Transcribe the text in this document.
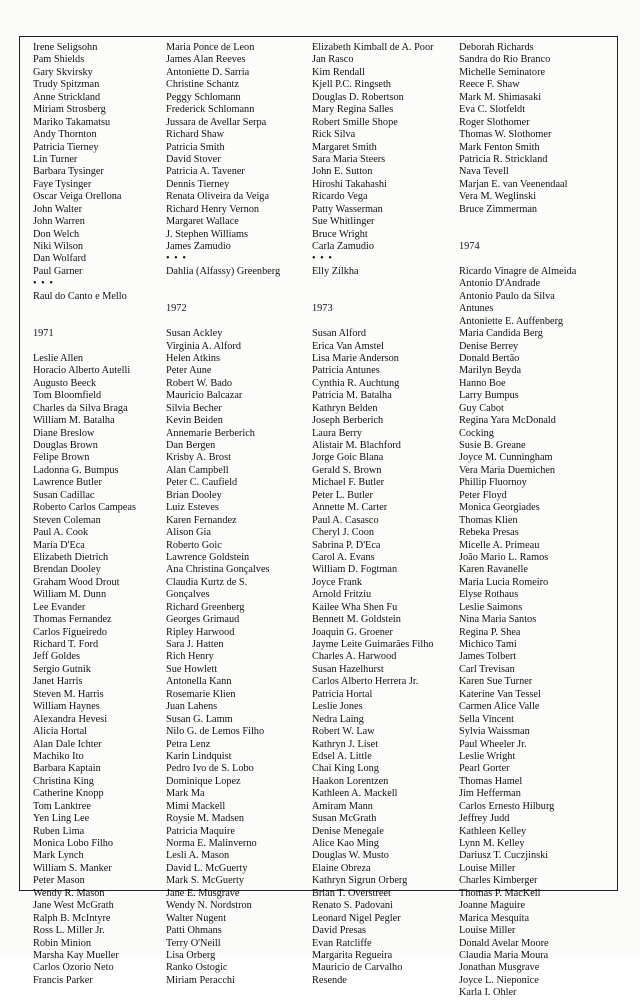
Irene Seligsohn
Pam Shields
Gary Skvirsky
Trudy Spitzman
Anne Strickland
Miriam Strosberg
Mariko Takamatsu
Andy Thornton
Patricia Tierney
Lin Turner
Barbara Tysinger
Faye Tysinger
Oscar Veiga Orellona
John Walter
John Warren
Don Welch
Niki Wilson
Dan Wolfard
Paul Garner
• • •
Raul do Canto e Mello
1971
Leslie Allen
Horacio Alberto Autelli
Augusto Beeck
Tom Bloomfield
Charles da Silva Braga
William M. Batalha
Diane Breslow
Douglas Brown
Felipe Brown
Ladonna G. Bumpus
Lawrence Butler
Susan Cadillac
Roberto Carlos Campeas
Steven Coleman
Paul A. Cook
Maria D'Eca
Elizabeth Dietrich
Brendan Dooley
Graham Wood Drout
William M. Dunn
Lee Evander
Thomas Fernandez
Carlos Figueiredo
Richard T. Ford
Jeff Goldes
Sergio Gutnik
Janet Harris
Steven M. Harris
William Haynes
Alexandra Hevesi
Alicia Hortal
Alan Dale Ichter
Machiko Ito
Barbara Kaptain
Christina King
Catherine Knopp
Tom Lanktree
Yen Ling Lee
Ruben Lima
Monica Lobo Filho
Mark Lynch
William S. Manker
Peter Mason
Wendy R. Mason
Jane West McGrath
Ralph B. McIntyre
Ross L. Miller Jr.
Robin Minion
Marsha Kay Mueller
Carlos Ozorio Neto
Francis Parker
Maria Ponce de Leon
James Alan Reeves
Antoniette D. Sarria
Christine Schantz
Peggy Schlomann
Frederick Schlomann
Jussara de Avellar Serpa
Richard Shaw
Patricia Smith
David Stover
Patricia A. Tavener
Dennis Tierney
Renata Oliveira da Veiga
Richard Henry Vernon
Margaret Wallace
J. Stephen Williams
James Zamudio
• • •
Dahlia (Alfassy) Greenberg
1972
Susan Ackley
Virginia A. Alford
Helen Atkins
Peter Aune
Robert W. Bado
Mauricio Balcazar
Silvia Becher
Kevin Beiden
Annemarie Berberich
Dan Bergen
Krisby A. Brost
Alan Campbell
Peter C. Caufield
Brian Dooley
Luiz Esteves
Karen Fernandez
Alison Gia
Roberto Goic
Lawrence Goldstein
Ana Christina Gonçalves
Claudia Kurtz de S.
Gonçalves
Richard Greenberg
Georges Grimaud
Ripley Harwood
Sara J. Hatten
Rich Henry
Sue Howlett
Antonella Kann
Rosemarie Klien
Juan Lahens
Susan G. Lamm
Nilo G. de Lemos Filho
Petra Lenz
Karin Lindquist
Pedro Ivo de S. Lobo
Dominique Lopez
Mark Ma
Mimi Mackell
Roysie M. Madsen
Patricia Maquire
Norma E. Malinverno
Lesli A. Mason
David L. McGuerty
Mark S. McGuerty
Jane E. Musgrave
Wendy N. Nordstron
Walter Nugent
Patti Ohmans
Terry O'Neill
Lisa Orberg
Ranko Ostogic
Miriam Peracchi
Elizabeth Kimball de A. Poor
Jan Rasco
Kim Rendall
Kjell P.C. Ringseth
Douglas D. Robertson
Mary Regina Salles
Robert Smille Shope
Rick Silva
Margaret Smith
Sara Maria Steers
John E. Sutton
Hiroshi Takahashi
Ricardo Vega
Patty Wasserman
Sue Whitlinger
Bruce Wright
Carla Zamudio
• • •
Elly Zilkha
1973
Susan Alford
Erica Van Amstel
Lisa Marie Anderson
Patricia Antunes
Cynthia R. Auchtung
Patricia M. Batalha
Kathryn Belden
Joseph Berberich
Laura Berry
Alistair M. Blachford
Jorge Goic Blana
Gerald S. Brown
Michael F. Butler
Peter L. Butler
Annette M. Carter
Paul A. Casasco
Cheryl J. Coon
Sabrina P. D'Eca
Carol A. Evans
William D. Fogtman
Joyce Frank
Arnold Fritziu
Kailee Wha Shen Fu
Bennett M. Goldstein
Joaquin G. Groener
Jayme Leite Guimarães Filho
Charles A. Harwood
Susan Hazelhurst
Carlos Alberto Herrera Jr.
Patricia Hortal
Leslie Jones
Nedra Laing
Robert W. Law
Kathryn J. Liset
Edsel A. Little
Chai King Long
Haakon Lorentzen
Kathleen A. Mackell
Amiram Mann
Susan McGrath
Denise Menegale
Alice Kao Ming
Douglas W. Musto
Elaine Obreza
Kathryn Sigrun Orberg
Brian T. Overstreet
Renato S. Padovani
Leonard Nigel Pegler
David Presas
Evan Ratcliffe
Margarita Regueira
Mauricio de Carvalho
Resende
Deborah Richards
Sandra do Rio Branco
Michelle Seminatore
Reece F. Shaw
Mark M. Shimasaki
Eva C. Slotfeldt
Roger Slothomer
Thomas W. Slothomer
Mark Fenton Smith
Patricia R. Strickland
Nava Tevell
Marjan E. van Veenendaal
Vera M. Weglinski
Bruce Zimmerman
1974
Ricardo Vinagre de Almeida
Antonio D'Andrade
Antonio Paulo da Silva
Antunes
Antoniette E. Auffenberg
Maria Candida Berg
Denise Berrey
Donald Bertão
Marilyn Beyda
Hanno Boe
Larry Bumpus
Guy Cabot
Regina Yara McDonald
Cocking
Susie B. Greane
Joyce M. Cunningham
Vera Maria Duemichen
Phillip Fluornoy
Peter Floyd
Monica Georgiades
Thomas Klien
Rebeka Presas
Micelle A. Primeau
João Mario L. Ramos
Karen Ravanelle
Maria Lucia Romeiro
Elyse Rothaus
Leslie Saimons
Nina Maria Santos
Regina P. Shea
Michico Tami
James Tolbert
Carl Trevisan
Karen Sue Turner
Katerine Van Tessel
Carmen Alice Valle
Sella Vincent
Sylvia Waissman
Paul Wheeler Jr.
Leslie Wright
Pearl Gorter
Thomas Hamel
Jim Hefferman
Carlos Ernesto Hilburg
Jeffrey Judd
Kathleen Kelley
Lynn M. Kelley
Dariusz T. Cuczjinski
Louise Miller
Charles Kimberger
Thomas P. MacKell
Joanne Maguire
Marica Mesquita
Louise Miller
Donald Avelar Moore
Claudia Maria Moura
Jonathan Musgrave
Joyce L. Nieponice
Karla I. Ohler
